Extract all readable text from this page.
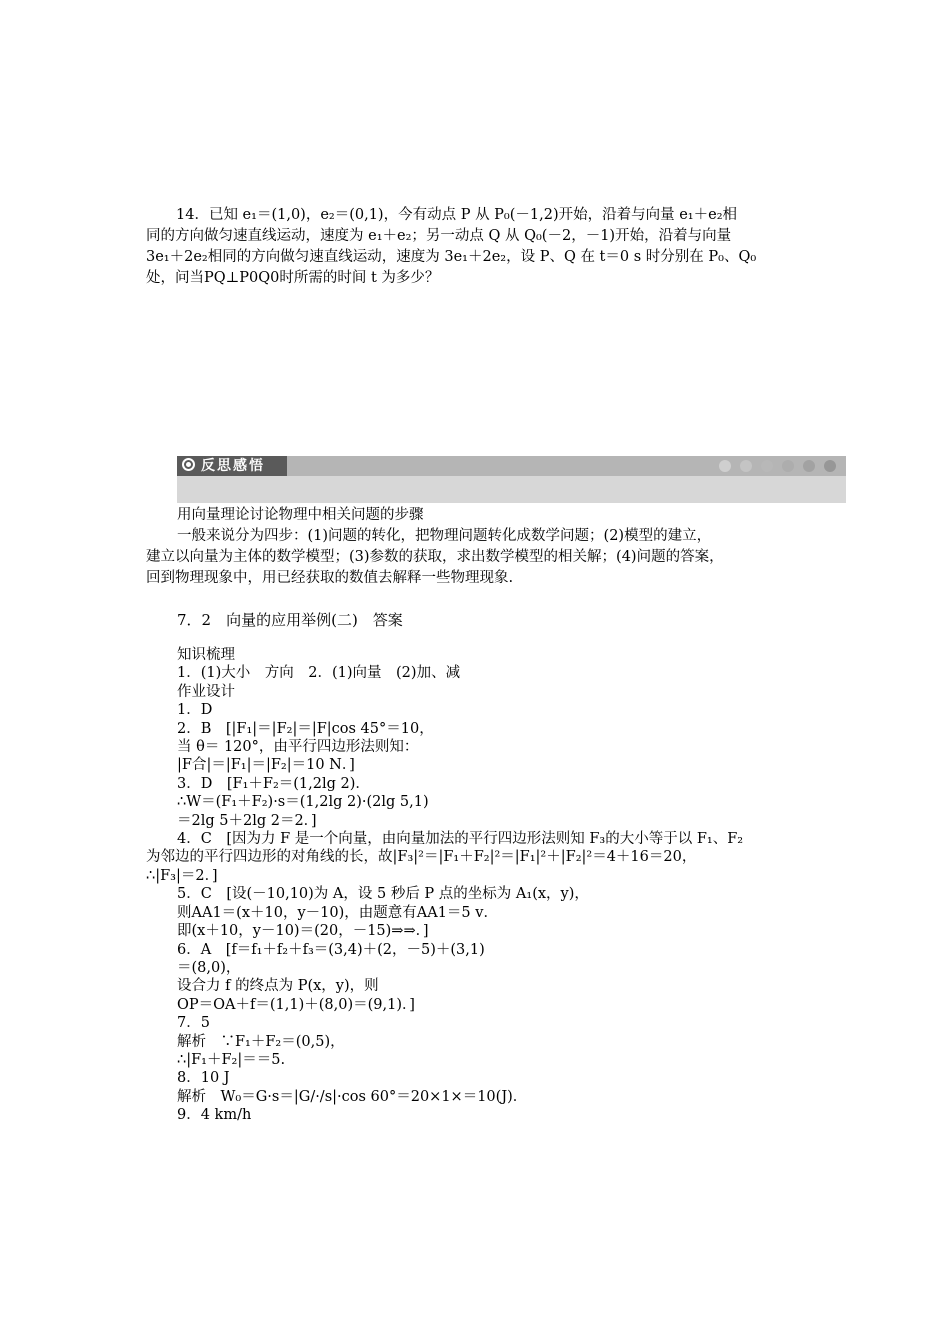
14．已知 e₁＝(1,0)，e₂＝(0,1)，今有动点 P 从 P₀(－1,2)开始，沿着与向量 e₁＋e₂相
同的方向做匀速直线运动，速度为 e₁＋e₂；另一动点 Q 从 Q₀(－2，－1)开始，沿着与向量
3e₁＋2e₂相同的方向做匀速直线运动，速度为 3e₁＋2e₂，设 P、Q 在 t＝0 s 时分别在 P₀、Q₀
处，问当PQ⊥P0Q0时所需的时间 t 为多少？
反思感悟
用向量理论讨论物理中相关问题的步骤
一般来说分为四步：(1)问题的转化，把物理问题转化成数学问题；(2)模型的建立，
建立以向量为主体的数学模型；(3)参数的获取，求出数学模型的相关解；(4)问题的答案，
回到物理现象中，用已经获取的数值去解释一些物理现象.
7．2　向量的应用举例(二)　答案
知识梳理
1．(1)大小　方向　2．(1)向量　(2)加、减
作业设计
1．D
2．B　[|F₁|＝|F₂|＝|F|cos 45°＝10，
当 θ＝ 120°，由平行四边形法则知：
|F合|＝|F₁|＝|F₂|＝10 N．]
3．D　[F₁＋F₂＝(1,2lg 2)．
∴W＝(F₁＋F₂)·s＝(1,2lg 2)·(2lg 5,1)
＝2lg 5＋2lg 2＝2．]
4．C　[因为力 F 是一个向量，由向量加法的平行四边形法则知 F₃的大小等于以 F₁、F₂
为邻边的平行四边形的对角线的长，故|F₃|²＝|F₁＋F₂|²＝|F₁|²＋|F₂|²＝4＋16＝20，
∴|F₃|＝2．]
5．C　[设(－10,10)为 A，设 5 秒后 P 点的坐标为 A₁(x，y)，
则AA1＝(x＋10，y－10)，由题意有AA1＝5 v．
即(x＋10，y－10)＝(20，－15)⇒⇒．]
6．A　[f＝f₁＋f₂＋f₃＝(3,4)＋(2，－5)＋(3,1)
＝(8,0)，
设合力 f 的终点为 P(x，y)，则
OP＝OA＋f＝(1,1)＋(8,0)＝(9,1)．]
7．5
解析　∵F₁＋F₂＝(0,5)，
∴|F₁＋F₂|＝＝5.
8．10 J
解析　W₀＝G·s＝|G/·/s|·cos 60°＝20×1×＝10(J)．
9．4 km/h
